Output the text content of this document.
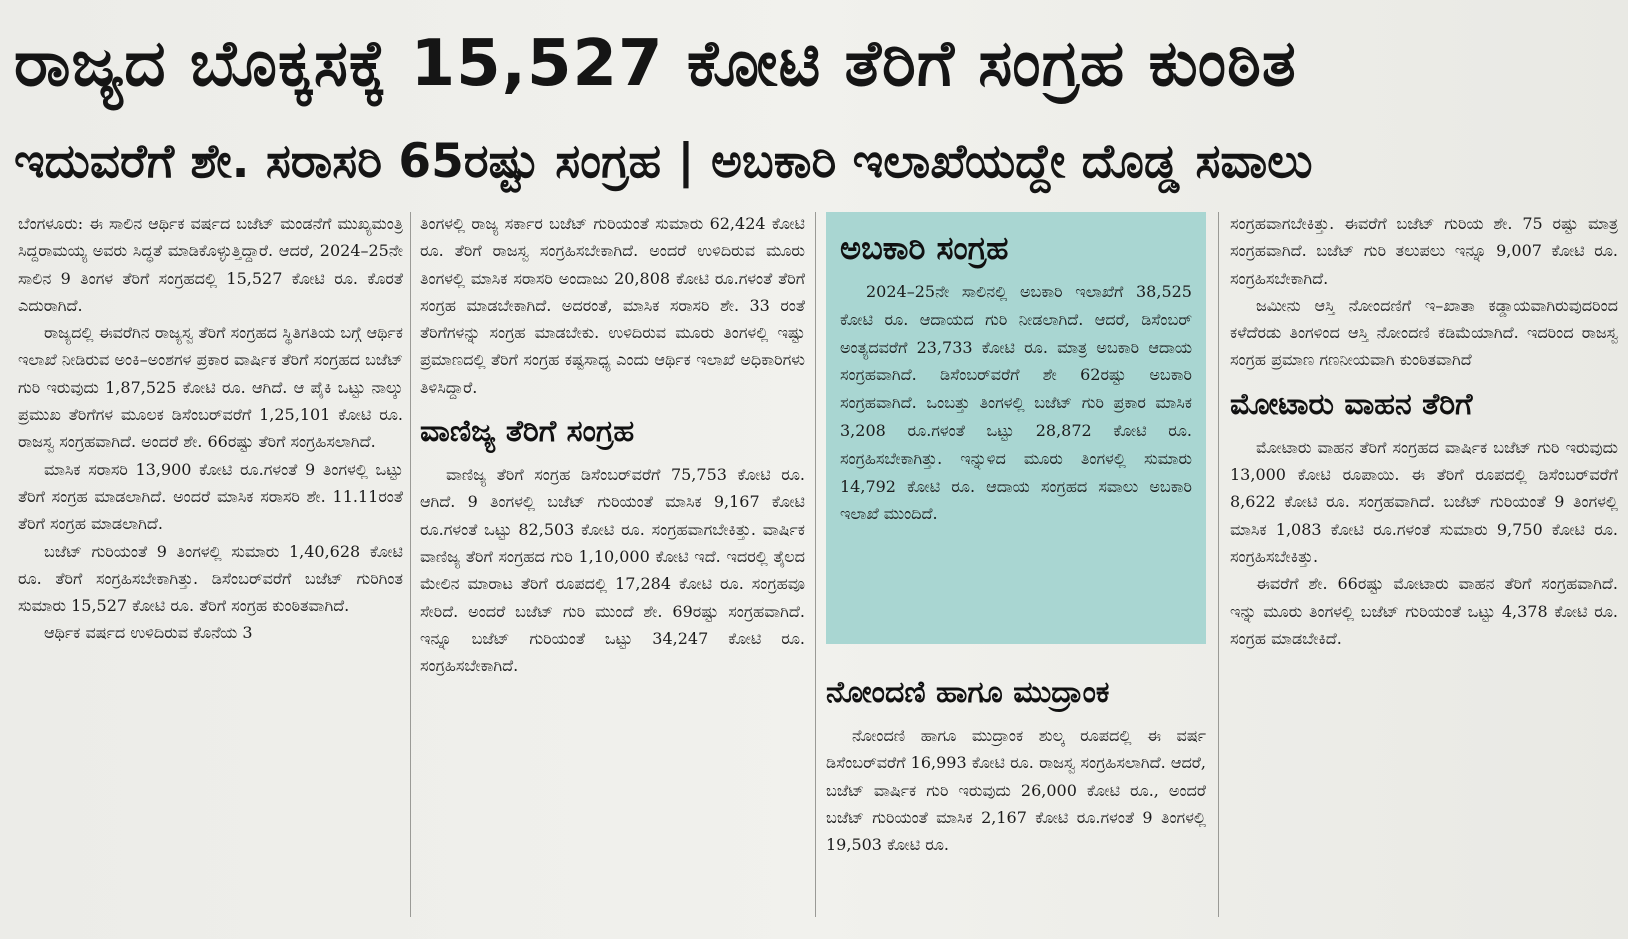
ರಾಜ್ಯದ ಬೊಕ್ಕಸಕ್ಕೆ 15,527 ಕೋಟಿ ತೆರಿಗೆ ಸಂಗ್ರಹ ಕುಂಠಿತ
ಇದುವರೆಗೆ ಶೇ. ಸರಾಸರಿ 65ರಷ್ಟು ಸಂಗ್ರಹ | ಅಬಕಾರಿ ಇಲಾಖೆಯದ್ದೇ ದೊಡ್ಡ ಸವಾಲು

ಬೆಂಗಳೂರು: ಈ ಸಾಲಿನ ಆರ್ಥಿಕ ವರ್ಷದ ಬಜೆಟ್ ಮಂಡನೆಗೆ ಮುಖ್ಯಮಂತ್ರಿ ಸಿದ್ದರಾಮಯ್ಯ ಅವರು ಸಿದ್ಧತೆ ಮಾಡಿಕೊಳ್ಳುತ್ತಿದ್ದಾರೆ. ಆದರೆ, 2024–25ನೇ ಸಾಲಿನ 9 ತಿಂಗಳ ತೆರಿಗೆ ಸಂಗ್ರಹದಲ್ಲಿ 15,527 ಕೋಟಿ ರೂ. ಕೊರತೆ ಎದುರಾಗಿದೆ.

ರಾಜ್ಯದಲ್ಲಿ ಈವರೆಗಿನ ರಾಜ್ಯಸ್ವ ತೆರಿಗೆ ಸಂಗ್ರಹದ ಸ್ಥಿತಿಗತಿಯ ಬಗ್ಗೆ ಆರ್ಥಿಕ ಇಲಾಖೆ ನೀಡಿರುವ ಅಂಕಿ–ಅಂಶಗಳ ಪ್ರಕಾರ ವಾರ್ಷಿಕ ತೆರಿಗೆ ಸಂಗ್ರಹದ ಬಜೆಟ್ ಗುರಿ ಇರುವುದು 1,87,525 ಕೋಟಿ ರೂ. ಆಗಿದೆ. ಆ ಪೈಕಿ ಒಟ್ಟು ನಾಲ್ಕು ಪ್ರಮುಖ ತೆರಿಗೆಗಳ ಮೂಲಕ ಡಿಸೆಂಬರ್‌ವರೆಗೆ 1,25,101 ಕೋಟಿ ರೂ. ರಾಜಸ್ವ ಸಂಗ್ರಹವಾಗಿದೆ. ಅಂದರೆ ಶೇ. 66ರಷ್ಟು ತೆರಿಗೆ ಸಂಗ್ರಹಿಸಲಾಗಿದೆ.

ಮಾಸಿಕ ಸರಾಸರಿ 13,900 ಕೋಟಿ ರೂ.ಗಳಂತೆ 9 ತಿಂಗಳಲ್ಲಿ ಒಟ್ಟು ತೆರಿಗೆ ಸಂಗ್ರಹ ಮಾಡಲಾಗಿದೆ. ಅಂದರೆ ಮಾಸಿಕ ಸರಾಸರಿ ಶೇ. 11.11ರಂತೆ ತೆರಿಗೆ ಸಂಗ್ರಹ ಮಾಡಲಾಗಿದೆ.

ಬಜೆಟ್ ಗುರಿಯಂತೆ 9 ತಿಂಗಳಲ್ಲಿ ಸುಮಾರು 1,40,628 ಕೋಟಿ ರೂ. ತೆರಿಗೆ ಸಂಗ್ರಹಿಸಬೇಕಾಗಿತ್ತು. ಡಿಸೆಂಬರ್‌ವರೆಗೆ ಬಜೆಟ್ ಗುರಿಗಿಂತ ಸುಮಾರು 15,527 ಕೋಟಿ ರೂ. ತೆರಿಗೆ ಸಂಗ್ರಹ ಕುಂಠಿತವಾಗಿದೆ.

ಆರ್ಥಿಕ ವರ್ಷದ ಉಳಿದಿರುವ ಕೊನೆಯ 3

ತಿಂಗಳಲ್ಲಿ ರಾಜ್ಯ ಸರ್ಕಾರ ಬಜೆಟ್ ಗುರಿಯಂತೆ ಸುಮಾರು 62,424 ಕೋಟಿ ರೂ. ತೆರಿಗೆ ರಾಜಸ್ವ ಸಂಗ್ರಹಿಸಬೇಕಾಗಿದೆ. ಅಂದರೆ ಉಳಿದಿರುವ ಮೂರು ತಿಂಗಳಲ್ಲಿ ಮಾಸಿಕ ಸರಾಸರಿ ಅಂದಾಜು 20,808 ಕೋಟಿ ರೂ.ಗಳಂತೆ ತೆರಿಗೆ ಸಂಗ್ರಹ ಮಾಡಬೇಕಾಗಿದೆ. ಅದರಂತೆ, ಮಾಸಿಕ ಸರಾಸರಿ ಶೇ. 33 ರಂತೆ ತೆರಿಗೆಗಳನ್ನು ಸಂಗ್ರಹ ಮಾಡಬೇಕು. ಉಳಿದಿರುವ ಮೂರು ತಿಂಗಳಲ್ಲಿ ಇಷ್ಟು ಪ್ರಮಾಣದಲ್ಲಿ ತೆರಿಗೆ ಸಂಗ್ರಹ ಕಷ್ಟಸಾಧ್ಯ ಎಂದು ಆರ್ಥಿಕ ಇಲಾಖೆ ಅಧಿಕಾರಿಗಳು ತಿಳಿಸಿದ್ದಾರೆ.

ವಾಣಿಜ್ಯ ತೆರಿಗೆ ಸಂಗ್ರಹ

ವಾಣಿಜ್ಯ ತೆರಿಗೆ ಸಂಗ್ರಹ ಡಿಸೆಂಬರ್‌ವರೆಗೆ 75,753 ಕೋಟಿ ರೂ. ಆಗಿದೆ. 9 ತಿಂಗಳಲ್ಲಿ ಬಜೆಟ್ ಗುರಿಯಂತೆ ಮಾಸಿಕ 9,167 ಕೋಟಿ ರೂ.ಗಳಂತೆ ಒಟ್ಟು 82,503 ಕೋಟಿ ರೂ. ಸಂಗ್ರಹವಾಗಬೇಕಿತ್ತು. ವಾರ್ಷಿಕ ವಾಣಿಜ್ಯ ತೆರಿಗೆ ಸಂಗ್ರಹದ ಗುರಿ 1,10,000 ಕೋಟಿ ಇದೆ. ಇದರಲ್ಲಿ ತೈಲದ ಮೇಲಿನ ಮಾರಾಟ ತೆರಿಗೆ ರೂಪದಲ್ಲಿ 17,284 ಕೋಟಿ ರೂ. ಸಂಗ್ರಹವೂ ಸೇರಿದೆ. ಅಂದರೆ ಬಜೆಟ್ ಗುರಿ ಮುಂದೆ ಶೇ. 69ರಷ್ಟು ಸಂಗ್ರಹವಾಗಿದೆ. ಇನ್ನೂ ಬಜೆಟ್ ಗುರಿಯಂತೆ ಒಟ್ಟು 34,247 ಕೋಟಿ ರೂ. ಸಂಗ್ರಹಿಸಬೇಕಾಗಿದೆ.

ಅಬಕಾರಿ ಸಂಗ್ರಹ

2024–25ನೇ ಸಾಲಿನಲ್ಲಿ ಅಬಕಾರಿ ಇಲಾಖೆಗೆ 38,525 ಕೋಟಿ ರೂ. ಆದಾಯದ ಗುರಿ ನೀಡಲಾಗಿದೆ. ಆದರೆ, ಡಿಸೆಂಬರ್ ಅಂತ್ಯದವರೆಗೆ 23,733 ಕೋಟಿ ರೂ. ಮಾತ್ರ ಅಬಕಾರಿ ಆದಾಯ ಸಂಗ್ರಹವಾಗಿದೆ. ಡಿಸೆಂಬರ್‌ವರೆಗೆ ಶೇ 62ರಷ್ಟು ಅಬಕಾರಿ ಸಂಗ್ರಹವಾಗಿದೆ. ಒಂಬತ್ತು ತಿಂಗಳಲ್ಲಿ ಬಜೆಟ್ ಗುರಿ ಪ್ರಕಾರ ಮಾಸಿಕ 3,208 ರೂ.ಗಳಂತೆ ಒಟ್ಟು 28,872 ಕೋಟಿ ರೂ. ಸಂಗ್ರಹಿಸಬೇಕಾಗಿತ್ತು. ಇನ್ನುಳಿದ ಮೂರು ತಿಂಗಳಲ್ಲಿ ಸುಮಾರು 14,792 ಕೋಟಿ ರೂ. ಆದಾಯ ಸಂಗ್ರಹದ ಸವಾಲು ಅಬಕಾರಿ ಇಲಾಖೆ ಮುಂದಿದೆ.

ನೋಂದಣಿ ಹಾಗೂ ಮುದ್ರಾಂಕ

ನೋಂದಣಿ ಹಾಗೂ ಮುದ್ರಾಂಕ ಶುಲ್ಕ ರೂಪದಲ್ಲಿ ಈ ವರ್ಷ ಡಿಸೆಂಬರ್‌ವರೆಗೆ 16,993 ಕೋಟಿ ರೂ. ರಾಜಸ್ವ ಸಂಗ್ರಹಿಸಲಾಗಿದೆ. ಆದರೆ, ಬಜೆಟ್ ವಾರ್ಷಿಕ ಗುರಿ ಇರುವುದು 26,000 ಕೋಟಿ ರೂ., ಅಂದರೆ ಬಜೆಟ್ ಗುರಿಯಂತೆ ಮಾಸಿಕ 2,167 ಕೋಟಿ ರೂ.ಗಳಂತೆ 9 ತಿಂಗಳಲ್ಲಿ 19,503 ಕೋಟಿ ರೂ.

ಸಂಗ್ರಹವಾಗಬೇಕಿತ್ತು. ಈವರೆಗೆ ಬಜೆಟ್ ಗುರಿಯ ಶೇ. 75 ರಷ್ಟು ಮಾತ್ರ ಸಂಗ್ರಹವಾಗಿದೆ. ಬಜೆಟ್ ಗುರಿ ತಲುಪಲು ಇನ್ನೂ 9,007 ಕೋಟಿ ರೂ. ಸಂಗ್ರಹಿಸಬೇಕಾಗಿದೆ.

ಜಮೀನು ಆಸ್ತಿ ನೋಂದಣಿಗೆ ಇ–ಖಾತಾ ಕಡ್ಡಾಯವಾಗಿರುವುದರಿಂದ ಕಳೆದೆರಡು ತಿಂಗಳಿಂದ ಆಸ್ತಿ ನೋಂದಣಿ ಕಡಿಮೆಯಾಗಿದೆ. ಇದರಿಂದ ರಾಜಸ್ವ ಸಂಗ್ರಹ ಪ್ರಮಾಣ ಗಣನೀಯವಾಗಿ ಕುಂಠಿತವಾಗಿದೆ

ಮೋಟಾರು ವಾಹನ ತೆರಿಗೆ

ಮೋಟಾರು ವಾಹನ ತೆರಿಗೆ ಸಂಗ್ರಹದ ವಾರ್ಷಿಕ ಬಜೆಟ್ ಗುರಿ ಇರುವುದು 13,000 ಕೋಟಿ ರೂಪಾಯಿ. ಈ ತೆರಿಗೆ ರೂಪದಲ್ಲಿ ಡಿಸೆಂಬರ್‌ವರೆಗೆ 8,622 ಕೋಟಿ ರೂ. ಸಂಗ್ರಹವಾಗಿದೆ. ಬಜೆಟ್ ಗುರಿಯಂತೆ 9 ತಿಂಗಳಲ್ಲಿ ಮಾಸಿಕ 1,083 ಕೋಟಿ ರೂ.ಗಳಂತೆ ಸುಮಾರು 9,750 ಕೋಟಿ ರೂ. ಸಂಗ್ರಹಿಸಬೇಕಿತ್ತು.

ಈವರೆಗೆ ಶೇ. 66ರಷ್ಟು ಮೋಟಾರು ವಾಹನ ತೆರಿಗೆ ಸಂಗ್ರಹವಾಗಿದೆ. ಇನ್ನು ಮೂರು ತಿಂಗಳಲ್ಲಿ ಬಜೆಟ್ ಗುರಿಯಂತೆ ಒಟ್ಟು 4,378 ಕೋಟಿ ರೂ. ಸಂಗ್ರಹ ಮಾಡಬೇಕಿದೆ.
